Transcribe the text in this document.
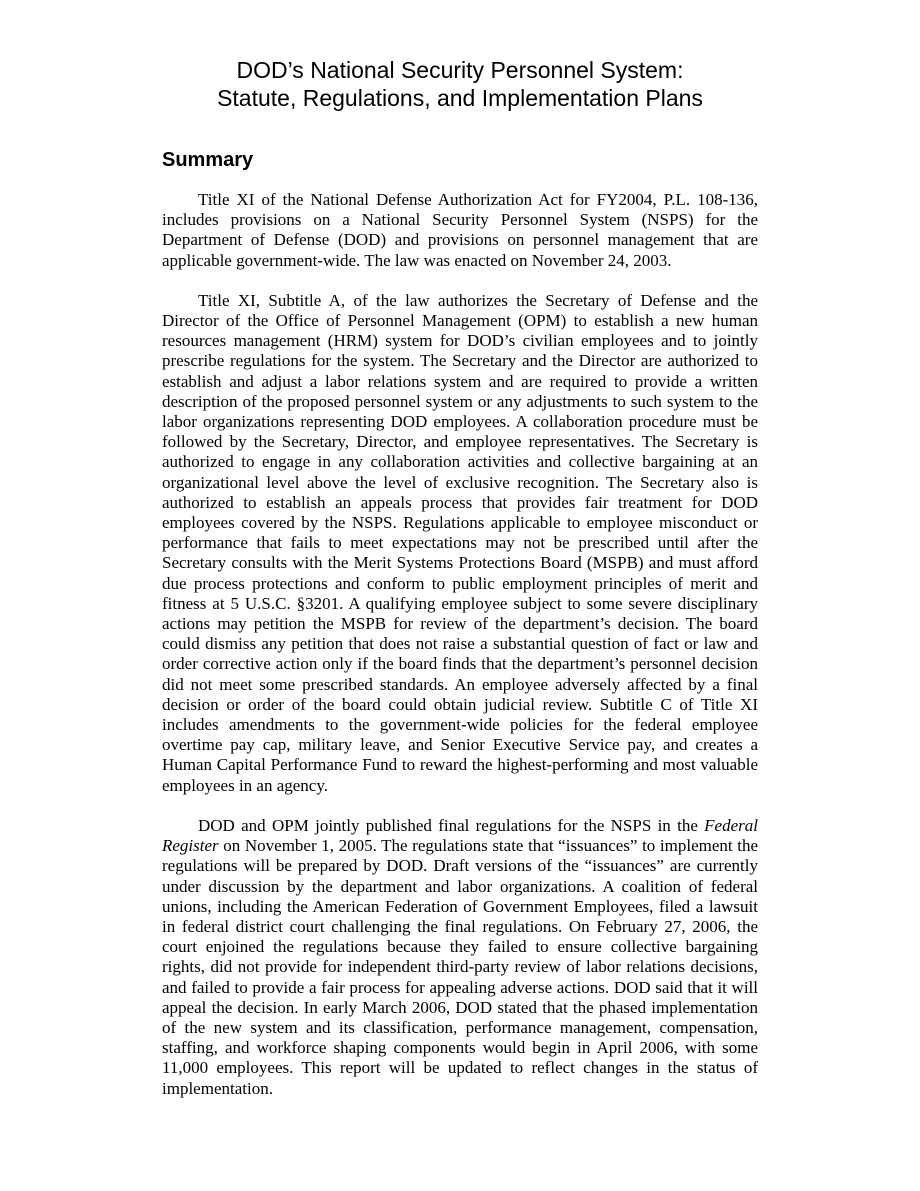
DOD’s National Security Personnel System:
Statute, Regulations, and Implementation Plans
Summary

Title XI of the National Defense Authorization Act for FY2004, P.L. 108-136, includes provisions on a National Security Personnel System (NSPS) for the Department of Defense (DOD) and provisions on personnel management that are applicable government-wide. The law was enacted on November 24, 2003.

Title XI, Subtitle A, of the law authorizes the Secretary of Defense and the Director of the Office of Personnel Management (OPM) to establish a new human resources management (HRM) system for DOD’s civilian employees and to jointly prescribe regulations for the system. The Secretary and the Director are authorized to establish and adjust a labor relations system and are required to provide a written description of the proposed personnel system or any adjustments to such system to the labor organizations representing DOD employees. A collaboration procedure must be followed by the Secretary, Director, and employee representatives. The Secretary is authorized to engage in any collaboration activities and collective bargaining at an organizational level above the level of exclusive recognition. The Secretary also is authorized to establish an appeals process that provides fair treatment for DOD employees covered by the NSPS. Regulations applicable to employee misconduct or performance that fails to meet expectations may not be prescribed until after the Secretary consults with the Merit Systems Protections Board (MSPB) and must afford due process protections and conform to public employment principles of merit and fitness at 5 U.S.C. §3201. A qualifying employee subject to some severe disciplinary actions may petition the MSPB for review of the department’s decision. The board could dismiss any petition that does not raise a substantial question of fact or law and order corrective action only if the board finds that the department’s personnel decision did not meet some prescribed standards. An employee adversely affected by a final decision or order of the board could obtain judicial review. Subtitle C of Title XI includes amendments to the government-wide policies for the federal employee overtime pay cap, military leave, and Senior Executive Service pay, and creates a Human Capital Performance Fund to reward the highest-performing and most valuable employees in an agency.

DOD and OPM jointly published final regulations for the NSPS in the Federal Register on November 1, 2005. The regulations state that “issuances” to implement the regulations will be prepared by DOD. Draft versions of the “issuances” are currently under discussion by the department and labor organizations. A coalition of federal unions, including the American Federation of Government Employees, filed a lawsuit in federal district court challenging the final regulations. On February 27, 2006, the court enjoined the regulations because they failed to ensure collective bargaining rights, did not provide for independent third-party review of labor relations decisions, and failed to provide a fair process for appealing adverse actions. DOD said that it will appeal the decision. In early March 2006, DOD stated that the phased implementation of the new system and its classification, performance management, compensation, staffing, and workforce shaping components would begin in April 2006, with some 11,000 employees. This report will be updated to reflect changes in the status of implementation.
